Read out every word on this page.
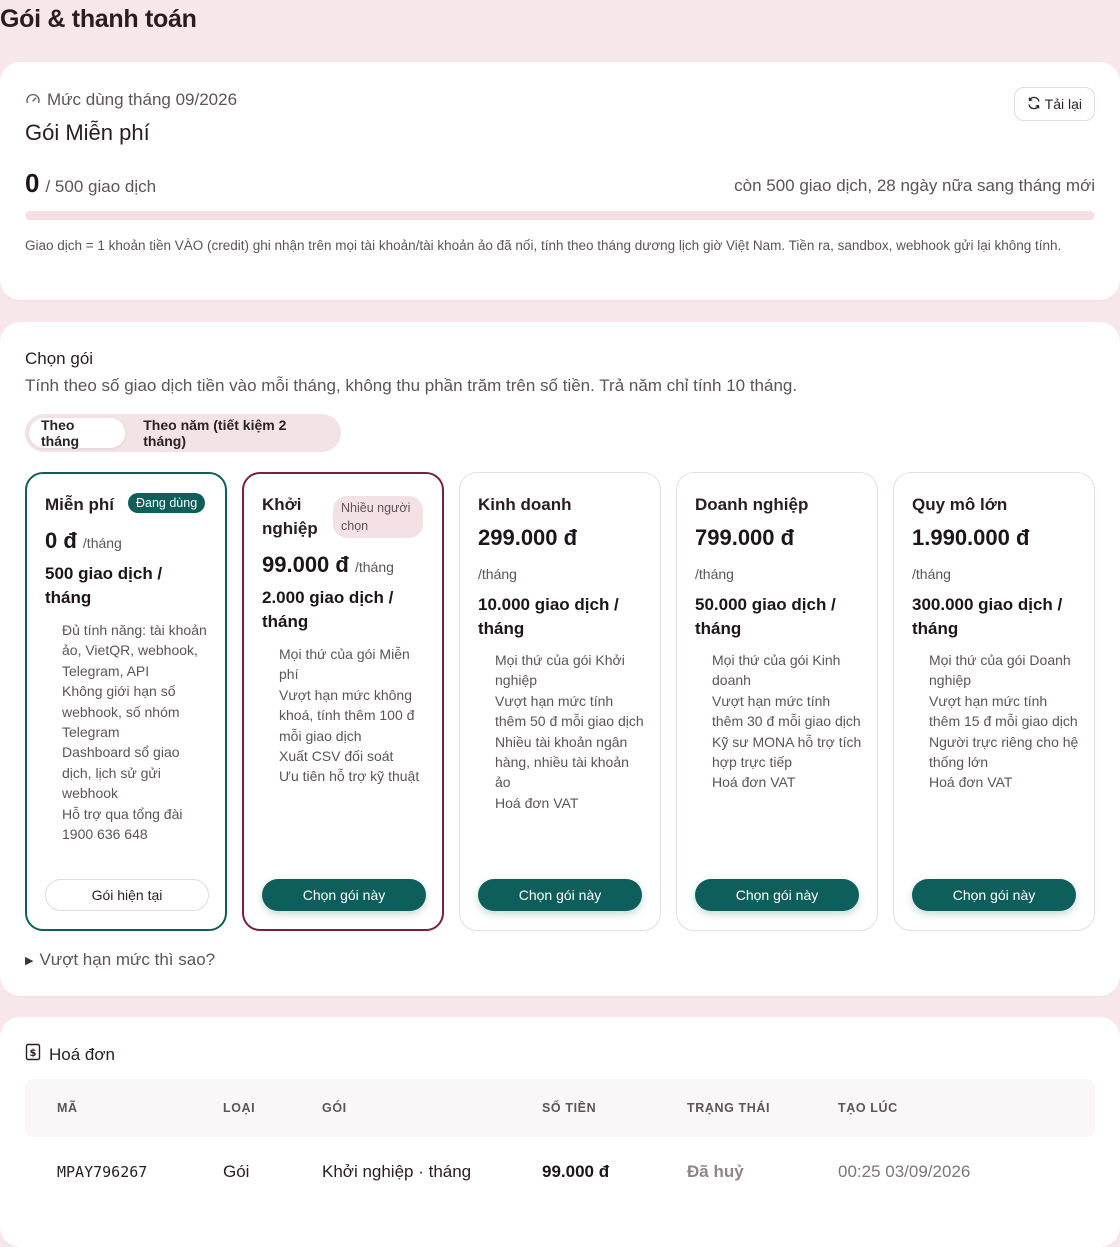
Gói & thanh toán
Mức dùng tháng 09/2026
Gói Miễn phí
Tải lại
0 / 500 giao dịch	còn 500 giao dịch, 28 ngày nữa sang tháng mới
Giao dịch = 1 khoản tiền VÀO (credit) ghi nhận trên mọi tài khoản/tài khoản ảo đã nối, tính theo tháng dương lịch giờ Việt Nam. Tiền ra, sandbox, webhook gửi lại không tính.
Chọn gói
Tính theo số giao dịch tiền vào mỗi tháng, không thu phần trăm trên số tiền. Trả năm chỉ tính 10 tháng.
Theo tháng
Theo năm (tiết kiệm 2 tháng)
Miễn phí	Đang dùng
0 đ /tháng
500 giao dịch / tháng
Đủ tính năng: tài khoản ảo, VietQR, webhook, Telegram, API
Không giới hạn số webhook, số nhóm Telegram
Dashboard sổ giao dịch, lịch sử gửi webhook
Hỗ trợ qua tổng đài 1900 636 648
Gói hiện tại
Khởi nghiệp
Nhiều người chọn
99.000 đ /tháng
2.000 giao dịch / tháng
Mọi thứ của gói Miễn phí
Vượt hạn mức không khoá, tính thêm 100 đ mỗi giao dịch
Xuất CSV đối soát
Ưu tiên hỗ trợ kỹ thuật
Chọn gói này
Kinh doanh
299.000 đ
/tháng
10.000 giao dịch / tháng
Mọi thứ của gói Khởi nghiệp
Vượt hạn mức tính thêm 50 đ mỗi giao dịch
Nhiều tài khoản ngân hàng, nhiều tài khoản ảo
Hoá đơn VAT
Chọn gói này
Doanh nghiệp
799.000 đ
/tháng
50.000 giao dịch / tháng
Mọi thứ của gói Kinh doanh
Vượt hạn mức tính thêm 30 đ mỗi giao dịch
Kỹ sư MONA hỗ trợ tích hợp trực tiếp
Hoá đơn VAT
Chọn gói này
Quy mô lớn
1.990.000 đ
/tháng
300.000 giao dịch / tháng
Mọi thứ của gói Doanh nghiệp
Vượt hạn mức tính thêm 15 đ mỗi giao dịch
Người trực riêng cho hệ thống lớn
Hoá đơn VAT
Chọn gói này
▶ Vượt hạn mức thì sao?
$ Hoá đơn
MÃ	LOẠI	GÓI	SỐ TIỀN	TRẠNG THÁI	TẠO LÚC
MPAY796267	Gói	Khởi nghiệp · tháng	99.000 đ	Đã huỷ	00:25 03/09/2026
